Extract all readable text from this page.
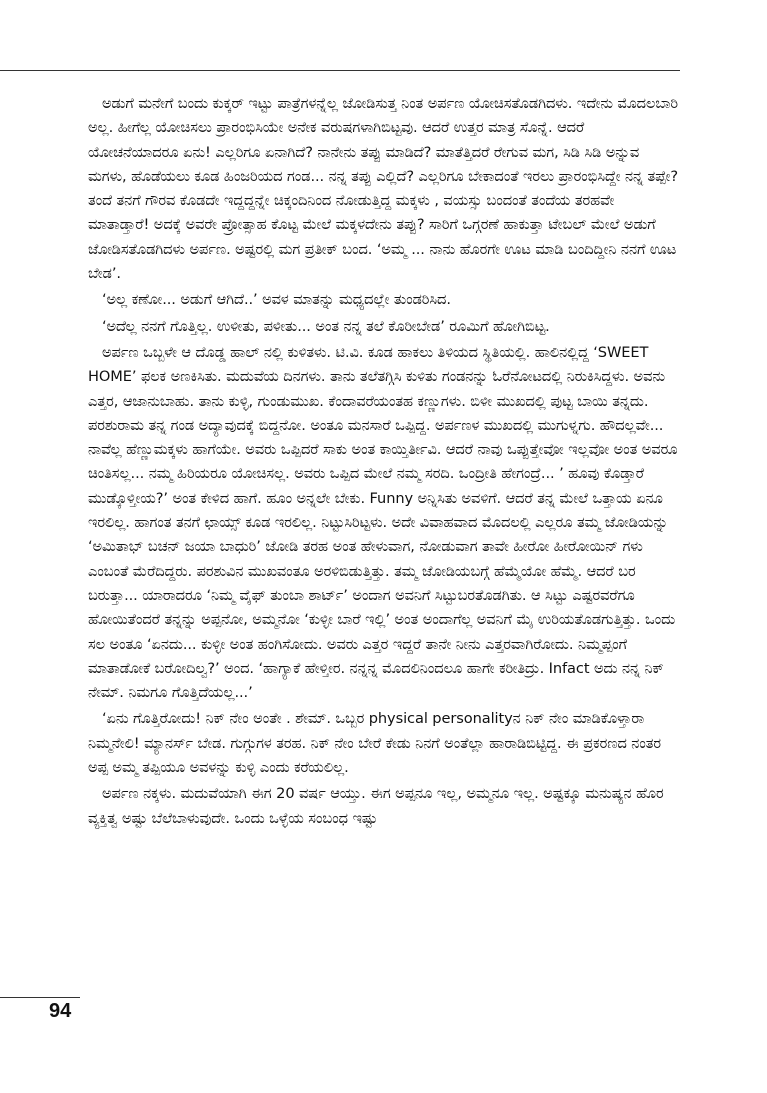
ಅಡುಗೆ ಮನೇಗೆ ಬಂದು ಕುಕ್ಕರ್ ಇಟ್ಟು ಪಾತ್ರೆಗಳನ್ನೆಲ್ಲ ಜೋಡಿಸುತ್ತ ನಿಂತ ಅರ್ಪಣ ಯೋಚಿಸತೊಡಗಿದಳು. ಇದೇನು ಮೊದಲಬಾರಿ ಅಲ್ಲ. ಹೀಗೆಲ್ಲ ಯೋಚಿಸಲು ಪ್ರಾರಂಭಿಸಿಯೇ ಅನೇಕ ವರುಷಗಳಾಗಿಬಿಟ್ಟವು. ಆದರೆ ಉತ್ತರ ಮಾತ್ರ ಸೊನ್ನೆ. ಆದರೆ ಯೋಚನೆಯಾದರೂ ಏನು! ಎಲ್ಲರಿಗೂ ಏನಾಗಿದೆ? ನಾನೇನು ತಪ್ಪು ಮಾಡಿದೆ? ಮಾತೆತ್ತಿದರೆ ರೇಗುವ ಮಗ, ಸಿಡಿ ಸಿಡಿ ಅನ್ನುವ ಮಗಳು, ಹೊಡೆಯಲು ಕೂಡ ಹಿಂಜರಿಯದ ಗಂಡ... ನನ್ನ ತಪ್ಪು ಎಲ್ಲಿದೆ? ಎಲ್ಲರಿಗೂ ಬೇಕಾದಂತೆ ಇರಲು ಪ್ರಾರಂಭಿಸಿದ್ದೇ ನನ್ನ ತಪ್ಪೇ? ತಂದೆ ತನಗೆ ಗೌರವ ಕೊಡದೇ ಇದ್ದದ್ದನ್ನೇ ಚಿಕ್ಕಂದಿನಿಂದ ನೋಡುತ್ತಿದ್ದ ಮಕ್ಕಳು , ವಯಸ್ಸು ಬಂದಂತೆ ತಂದೆಯ ತರಹವೇ ಮಾತಾಡ್ತಾರೆ! ಅದಕ್ಕೆ ಅವರೇ ಪ್ರೋತ್ಸಾಹ ಕೊಟ್ಟ ಮೇಲೆ ಮಕ್ಕಳದೇನು ತಪ್ಪು? ಸಾರಿಗೆ ಒಗ್ಗರಣೆ ಹಾಕುತ್ತಾ ಟೇಬಲ್ ಮೇಲೆ ಅಡುಗೆ ಜೋಡಿಸತೊಡಗಿದಳು ಅರ್ಪಣ. ಅಷ್ಟರಲ್ಲಿ ಮಗ ಪ್ರತೀಕ್ ಬಂದ. ‘ಅಮ್ಮ ... ನಾನು ಹೊರಗೇ ಊಟ ಮಾಡಿ ಬಂದಿದ್ದೀನಿ ನನಗೆ ಊಟ ಬೇಡ’.

‘ಅಲ್ಲ ಕಣೋ... ಅಡುಗೆ ಆಗಿದೆ..’ ಅವಳ ಮಾತನ್ನು ಮಧ್ಯದಲ್ಲೇ ತುಂಡರಿಸಿದ.

‘ಅದೆಲ್ಲ ನನಗೆ ಗೊತ್ತಿಲ್ಲ. ಉಳೀತು, ಪಳೀತು... ಅಂತ ನನ್ನ ತಲೆ ಕೊರೀಬೇಡ’ ರೂಮಿಗೆ ಹೋಗಿಬಿಟ್ಟ.

ಅರ್ಪಣ ಒಬ್ಬಳೇ ಆ ದೊಡ್ಡ ಹಾಲ್ ನಲ್ಲಿ ಕುಳಿತಳು. ಟಿ.ವಿ. ಕೂಡ ಹಾಕಲು ತಿಳಿಯದ ಸ್ಥಿತಿಯಲ್ಲಿ. ಹಾಲಿನಲ್ಲಿದ್ದ ‘SWEET HOME’ ಫಲಕ ಅಣಕಿಸಿತು. ಮದುವೆಯ ದಿನಗಳು. ತಾನು ತಲೆತಗ್ಗಿಸಿ ಕುಳಿತು ಗಂಡನನ್ನು ಓರೆನೋಟದಲ್ಲಿ ನಿರುಕಿಸಿದ್ದಳು. ಅವನು ಎತ್ತರ, ಆಜಾನುಬಾಹು. ತಾನು ಕುಳ್ಳಿ, ಗುಂಡುಮುಖ. ಕೆಂದಾವರೆಯಂತಹ ಕಣ್ಣುಗಳು. ಬಿಳೀ ಮುಖದಲ್ಲಿ ಪುಟ್ಟ ಬಾಯಿ ತನ್ನದು. ಪರಶುರಾಮ ತನ್ನ ಗಂಡ ಅದ್ಯಾವುದಕ್ಕೆ ಬಿದ್ದನೋ. ಅಂತೂ ಮನಸಾರೆ ಒಪ್ಪಿದ್ದ. ಅರ್ಪಣಳ ಮುಖದಲ್ಲಿ ಮುಗುಳ್ನಗು. ಹೌದಲ್ಲವೇ... ನಾವೆಲ್ಲ ಹೆಣ್ಣುಮಕ್ಕಳು ಹಾಗೆಯೇ. ಅವರು ಒಪ್ಪಿದರೆ ಸಾಕು ಅಂತ ಕಾಯ್ತಿರ್ತೀವಿ. ಆದರೆ ನಾವು ಒಪ್ಪುತ್ತೇವೋ ಇಲ್ಲವೋ ಅಂತ ಅವರೂ ಚಿಂತಿಸಲ್ಲ... ನಮ್ಮ ಹಿರಿಯರೂ ಯೋಚಿಸಲ್ಲ. ಅವರು ಒಪ್ಪಿದ ಮೇಲೆ ನಮ್ಮ ಸರದಿ. ಒಂದ್ರೀತಿ ಹೇಗಂದ್ರೆ... ’ ಹೂವು ಕೊಡ್ತಾರೆ ಮುಡ್ಕೊಳ್ತೀಯ?’ ಅಂತ ಕೇಳಿದ ಹಾಗೆ. ಹೂಂ ಅನ್ನಲೇ ಬೇಕು. Funny ಅನ್ನಿಸಿತು ಅವಳಿಗೆ. ಆದರೆ ತನ್ನ ಮೇಲೆ ಒತ್ತಾಯ ಏನೂ ಇರಲಿಲ್ಲ. ಹಾಗಂತ ತನಗೆ ಛಾಯ್ಸ್ ಕೂಡ ಇರಲಿಲ್ಲ. ನಿಟ್ಟುಸಿರಿಟ್ಟಳು. ಅದೇ ವಿವಾಹವಾದ ಮೊದಲಲ್ಲಿ ಎಲ್ಲರೂ ತಮ್ಮ ಜೋಡಿಯನ್ನು ‘ಅಮಿತಾಭ್ ಬಚನ್ ಜಯಾ ಬಾಧುರಿ’ ಜೋಡಿ ತರಹ ಅಂತ ಹೇಳುವಾಗ, ನೋಡುವಾಗ ತಾವೇ ಹೀರೋ ಹೀರೋಯಿನ್ ಗಳು ಎಂಬಂತೆ ಮೆರೆದಿದ್ದರು. ಪರಶುವಿನ ಮುಖವಂತೂ ಅರಳಿಬಿಡುತ್ತಿತ್ತು. ತಮ್ಮ ಜೋಡಿಯಬಗ್ಗೆ ಹೆಮ್ಮೆಯೋ ಹೆಮ್ಮೆ. ಆದರೆ ಬರ ಬರುತ್ತಾ... ಯಾರಾದರೂ ‘ನಿಮ್ಮ ವೈಫ್ ತುಂಬಾ ಶಾರ್ಟ್’ ಅಂದಾಗ ಅವನಿಗೆ ಸಿಟ್ಟುಬರತೊಡಗಿತು. ಆ ಸಿಟ್ಟು ಎಷ್ಟರವರೆಗೂ ಹೋಯಿತೆಂದರೆ ತನ್ನನ್ನು ಅಪ್ಪನೋ, ಅಮ್ಮನೋ ‘ಕುಳ್ಳೀ ಬಾರೆ ಇಲ್ಲಿ’ ಅಂತ ಅಂದಾಗೆಲ್ಲ ಅವನಿಗೆ ಮೈ ಉರಿಯತೊಡಗುತ್ತಿತ್ತು. ಒಂದು ಸಲ ಅಂತೂ ‘ಏನದು... ಕುಳ್ಳೀ ಅಂತ ಹಂಗಿಸೋದು. ಅವರು ಎತ್ತರ ಇದ್ದರೆ ತಾನೇ ನೀನು ಎತ್ತರವಾಗಿರೋದು. ನಿಮ್ಮಪ್ಪಂಗೆ ಮಾತಾಡೋಕೆ ಬರೋದಿಲ್ವ?’ ಅಂದ. ‘ಹಾಗ್ಯಾಕೆ ಹೇಳ್ತೀರ. ನನ್ನನ್ನ ಮೊದಲಿನಿಂದಲೂ ಹಾಗೇ ಕರೀತಿದ್ರು. Infact ಅದು ನನ್ನ ನಿಕ್ ನೇಮ್. ನಿಮಗೂ ಗೊತ್ತಿದೆಯಲ್ಲ...’

‘ಏನು ಗೊತ್ತಿರೋದು! ನಿಕ್ ನೇಂ ಅಂತೇ . ಶೇಮ್. ಒಬ್ಬರ physical personalityನ ನಿಕ್ ನೇಂ ಮಾಡಿಕೊಳ್ತಾರಾ ನಿಮ್ಮನೇಲಿ! ಮ್ಯಾನರ್ಸ್ ಬೇಡ. ಗುಗ್ಗುಗಳ ತರಹ. ನಿಕ್ ನೇಂ ಬೇರೆ ಕೇಡು ನಿನಗೆ ಅಂತೆಲ್ಲಾ ಹಾರಾಡಿಬಿಟ್ಟಿದ್ದ. ಈ ಪ್ರಕರಣದ ನಂತರ ಅಪ್ಪ ಅಮ್ಮ ತಪ್ಪಿಯೂ ಅವಳನ್ನು ಕುಳ್ಳಿ ಎಂದು ಕರೆಯಲಿಲ್ಲ.

ಅರ್ಪಣ ನಕ್ಕಳು. ಮದುವೆಯಾಗಿ ಈಗ 20 ವರ್ಷ ಆಯ್ತು. ಈಗ ಅಪ್ಪನೂ ಇಲ್ಲ, ಅಮ್ಮನೂ ಇಲ್ಲ. ಅಷ್ಟಕ್ಕೂ ಮನುಷ್ಯನ ಹೊರ ವ್ಯಕ್ತಿತ್ವ ಅಷ್ಟು ಬೆಲೆಬಾಳುವುದೇ. ಒಂದು ಒಳ್ಳೆಯ ಸಂಬಂಧ ಇಷ್ಟು

94
